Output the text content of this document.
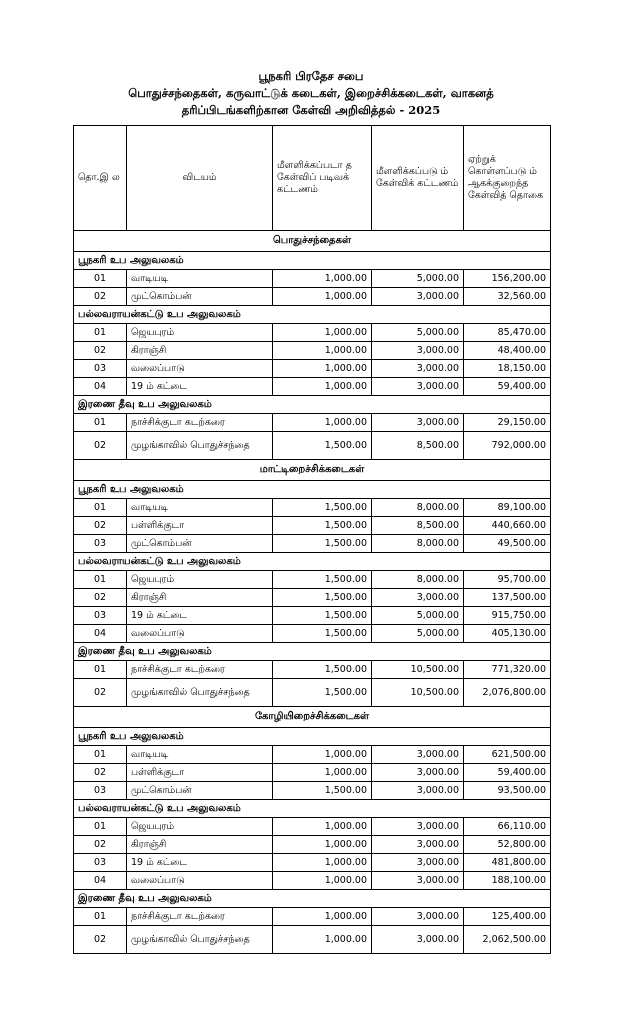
பூநகரி பிரதேச சபை
பொதுச்சந்தைகள், கருவாட்டுக் கடைகள், இறைச்சிக்கடைகள், வாகனத்
தரிப்பிடங்களிற்கான கேள்வி அறிவித்தல் - 2025
தொ.இ ல	விடயம்	மீளளிக்கப்படா த கேள்விப் படிவக் கட்டணம்	மீளளிக்கப்படு ம் கேள்விக் கட்டணம்	ஏற்றுக் கொள்ளப்படு ம் ஆகக்குறைந்த கேள்வித் தொகை
பொதுச்சந்தைகள்				
பூநகரி உப அலுவலகம்				
01	வாடியடி	1,000.00	5,000.00	156,200.00
02	முட்கொம்பன்	1,000.00	3,000.00	32,560.00
பல்லவராயன்கட்டு உப அலுவலகம்				
01	ஜெயபுரம்	1,000.00	5,000.00	85,470.00
02	கிராஞ்சி	1,000.00	3,000.00	48,400.00
03	வலைப்பாடு	1,000.00	3,000.00	18,150.00
04	19 ம் கட்டை	1,000.00	3,000.00	59,400.00
இரணை தீவு உப அலுவலகம்				
01	நாச்சிக்குடா கடற்கரை	1,000.00	3,000.00	29,150.00
02	முழங்காவில் பொதுச்சந்தை	1,500.00	8,500.00	792,000.00
மாட்டிறைச்சிக்கடைகள்				
பூநகரி உப அலுவலகம்				
01	வாடியடி	1,500.00	8,000.00	89,100.00
02	பள்ளிக்குடா	1,500.00	8,500.00	440,660.00
03	முட்கொம்பன்	1,500.00	8,000.00	49,500.00
பல்லவராயன்கட்டு உப அலுவலகம்				
01	ஜெயபுரம்	1,500.00	8,000.00	95,700.00
02	கிராஞ்சி	1,500.00	3,000.00	137,500.00
03	19 ம் கட்டை	1,500.00	5,000.00	915,750.00
04	வலைப்பாடு	1,500.00	5,000.00	405,130.00
இரணை தீவு உப அலுவலகம்				
01	நாச்சிக்குடா கடற்கரை	1,500.00	10,500.00	771,320.00
02	முழங்காவில் பொதுச்சந்தை	1,500.00	10,500.00	2,076,800.00
கோழியிறைச்சிக்கடைகள்				
பூநகரி உப அலுவலகம்				
01	வாடியடி	1,000.00	3,000.00	621,500.00
02	பள்ளிக்குடா	1,000.00	3,000.00	59,400.00
03	முட்கொம்பன்	1,500.00	3,000.00	93,500.00
பல்லவராயன்கட்டு உப அலுவலகம்				
01	ஜெயபுரம்	1,000.00	3,000.00	66,110.00
02	கிராஞ்சி	1,000.00	3,000.00	52,800.00
03	19 ம் கட்டை	1,000.00	3,000.00	481,800.00
04	வலைப்பாடு	1,000.00	3,000.00	188,100.00
இரணை தீவு உப அலுவலகம்				
01	நாச்சிக்குடா கடற்கரை	1,000.00	3,000.00	125,400.00
02	முழங்காவில் பொதுச்சந்தை	1,000.00	3,000.00	2,062,500.00
